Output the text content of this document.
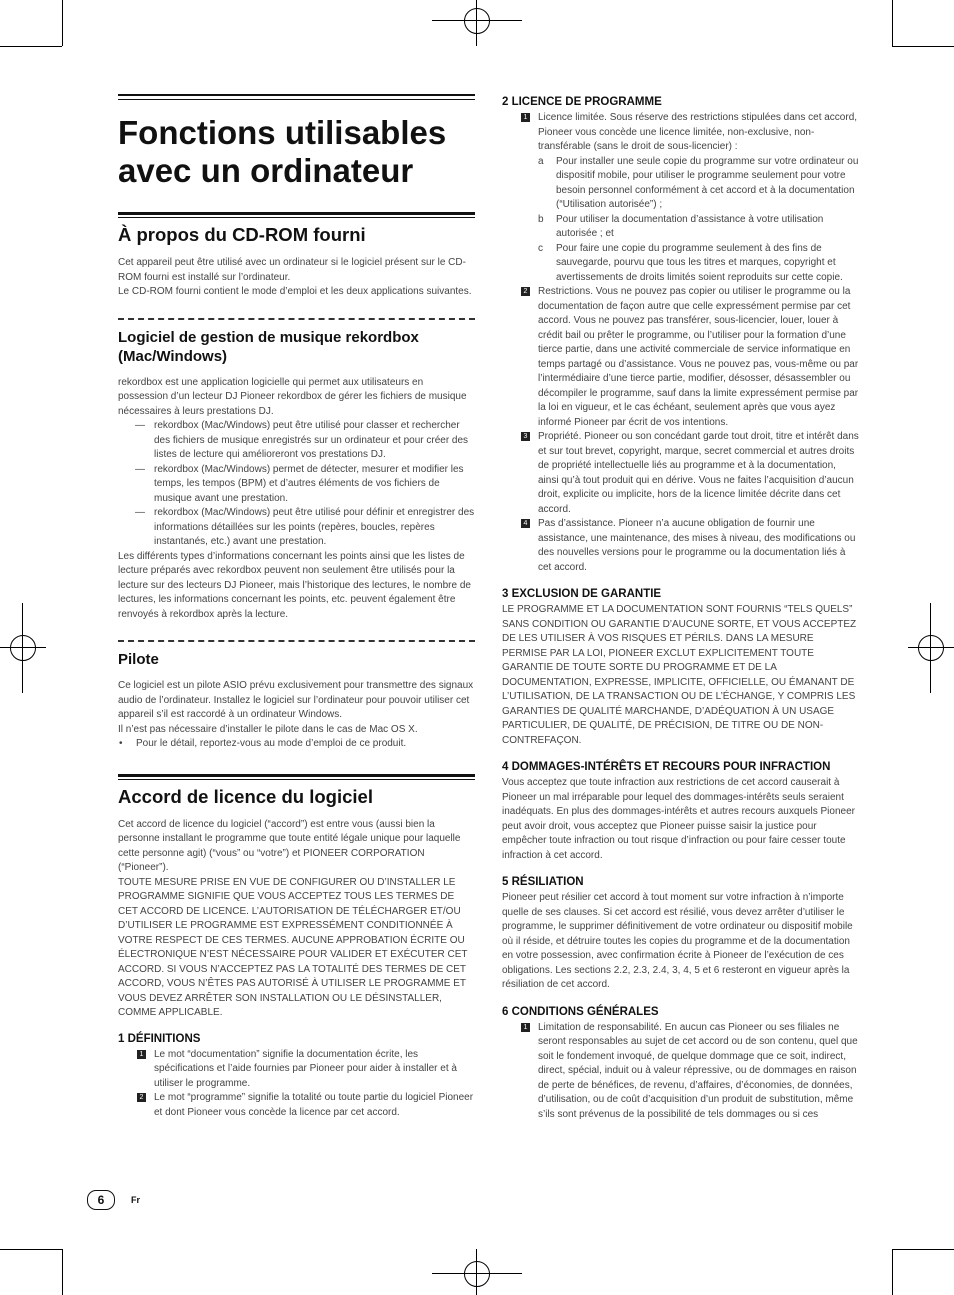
Fonctions utilisables avec un ordinateur
À propos du CD-ROM fourni

Cet appareil peut être utilisé avec un ordinateur si le logiciel présent sur le CD-ROM fourni est installé sur l’ordinateur.

Le CD-ROM fourni contient le mode d’emploi et les deux applications suivantes.

Logiciel de gestion de musique rekordbox (Mac/Windows)

rekordbox est une application logicielle qui permet aux utilisateurs en possession d’un lecteur DJ Pioneer rekordbox de gérer les fichiers de musique nécessaires à leurs prestations DJ.

— rekordbox (Mac/Windows) peut être utilisé pour classer et rechercher des fichiers de musique enregistrés sur un ordinateur et pour créer des listes de lecture qui amélioreront vos prestations DJ.
— rekordbox (Mac/Windows) permet de détecter, mesurer et modifier les temps, les tempos (BPM) et d’autres éléments de vos fichiers de musique avant une prestation.
— rekordbox (Mac/Windows) peut être utilisé pour définir et enregistrer des informations détaillées sur les points (repères, boucles, repères instantanés, etc.) avant une prestation.

Les différents types d’informations concernant les points ainsi que les listes de lecture préparés avec rekordbox peuvent non seulement être utilisés pour la lecture sur des lecteurs DJ Pioneer, mais l’historique des lectures, le nombre de lectures, les informations concernant les points, etc. peuvent également être renvoyés à rekordbox après la lecture.

Pilote

Ce logiciel est un pilote ASIO prévu exclusivement pour transmettre des signaux audio de l’ordinateur. Installez le logiciel sur l’ordinateur pour pouvoir utiliser cet appareil s’il est raccordé à un ordinateur Windows.

Il n’est pas nécessaire d’installer le pilote dans le cas de Mac OS X.

• Pour le détail, reportez-vous au mode d’emploi de ce produit.
Accord de licence du logiciel

Cet accord de licence du logiciel (“accord”) est entre vous (aussi bien la personne installant le programme que toute entité légale unique pour laquelle cette personne agit) (“vous” ou “votre”) et PIONEER CORPORATION (“Pioneer”).

TOUTE MESURE PRISE EN VUE DE CONFIGURER OU D’INSTALLER LE PROGRAMME SIGNIFIE QUE VOUS ACCEPTEZ TOUS LES TERMES DE CET ACCORD DE LICENCE. L’AUTORISATION DE TÉLÉCHARGER ET/OU D’UTILISER LE PROGRAMME EST EXPRESSÉMENT CONDITIONNÉE À VOTRE RESPECT DE CES TERMES. AUCUNE APPROBATION ÉCRITE OU ÉLECTRONIQUE N’EST NÉCESSAIRE POUR VALIDER ET EXÉCUTER CET ACCORD. SI VOUS N’ACCEPTEZ PAS LA TOTALITÉ DES TERMES DE CET ACCORD, VOUS N’ÊTES PAS AUTORISÉ À UTILISER LE PROGRAMME ET VOUS DEVEZ ARRÊTER SON INSTALLATION OU LE DÉSINSTALLER, COMME APPLICABLE.

1 DÉFINITIONS
1 Le mot “documentation” signifie la documentation écrite, les spécifications et l’aide fournies par Pioneer pour aider à installer et à utiliser le programme.
2 Le mot “programme” signifie la totalité ou toute partie du logiciel Pioneer et dont Pioneer vous concède la licence par cet accord.
2 LICENCE DE PROGRAMME
1 Licence limitée. Sous réserve des restrictions stipulées dans cet accord, Pioneer vous concède une licence limitée, non-exclusive, non-transférable (sans le droit de sous-licencier) :
a Pour installer une seule copie du programme sur votre ordinateur ou dispositif mobile, pour utiliser le programme seulement pour votre besoin personnel conformément à cet accord et à la documentation (“Utilisation autorisée”) ;
b Pour utiliser la documentation d’assistance à votre utilisation autorisée ; et
c Pour faire une copie du programme seulement à des fins de sauvegarde, pourvu que tous les titres et marques, copyright et avertissements de droits limités soient reproduits sur cette copie.
2 Restrictions. Vous ne pouvez pas copier ou utiliser le programme ou la documentation de façon autre que celle expressément permise par cet accord. Vous ne pouvez pas transférer, sous-licencier, louer, louer à crédit bail ou prêter le programme, ou l’utiliser pour la formation d’une tierce partie, dans une activité commerciale de service informatique en temps partagé ou d’assistance. Vous ne pouvez pas, vous-même ou par l’intermédiaire d’une tierce partie, modifier, désosser, désassembler ou décompiler le programme, sauf dans la limite expressément permise par la loi en vigueur, et le cas échéant, seulement après que vous ayez informé Pioneer par écrit de vos intentions.
3 Propriété. Pioneer ou son concédant garde tout droit, titre et intérêt dans et sur tout brevet, copyright, marque, secret commercial et autres droits de propriété intellectuelle liés au programme et à la documentation, ainsi qu’à tout produit qui en dérive. Vous ne faites l’acquisition d’aucun droit, explicite ou implicite, hors de la licence limitée décrite dans cet accord.
4 Pas d’assistance. Pioneer n’a aucune obligation de fournir une assistance, une maintenance, des mises à niveau, des modifications ou des nouvelles versions pour le programme ou la documentation liés à cet accord.
3 EXCLUSION DE GARANTIE

LE PROGRAMME ET LA DOCUMENTATION SONT FOURNIS “TELS QUELS” SANS CONDITION OU GARANTIE D’AUCUNE SORTE, ET VOUS ACCEPTEZ DE LES UTILISER À VOS RISQUES ET PÉRILS. DANS LA MESURE PERMISE PAR LA LOI, PIONEER EXCLUT EXPLICITEMENT TOUTE GARANTIE DE TOUTE SORTE DU PROGRAMME ET DE LA DOCUMENTATION, EXPRESSE, IMPLICITE, OFFICIELLE, OU ÉMANANT DE L’UTILISATION, DE LA TRANSACTION OU DE L’ÉCHANGE, Y COMPRIS LES GARANTIES DE QUALITÉ MARCHANDE, D’ADÉQUATION À UN USAGE PARTICULIER, DE QUALITÉ, DE PRÉCISION, DE TITRE OU DE NON-CONTREFAÇON.

4 DOMMAGES-INTÉRÊTS ET RECOURS POUR INFRACTION

Vous acceptez que toute infraction aux restrictions de cet accord causerait à Pioneer un mal irréparable pour lequel des dommages-intérêts seuls seraient inadéquats. En plus des dommages-intérêts et autres recours auxquels Pioneer peut avoir droit, vous acceptez que Pioneer puisse saisir la justice pour empêcher toute infraction ou tout risque d’infraction ou pour faire cesser toute infraction à cet accord.

5 RÉSILIATION

Pioneer peut résilier cet accord à tout moment sur votre infraction à n’importe quelle de ses clauses. Si cet accord est résilié, vous devez arrêter d’utiliser le programme, le supprimer définitivement de votre ordinateur ou dispositif mobile où il réside, et détruire toutes les copies du programme et de la documentation en votre possession, avec confirmation écrite à Pioneer de l’exécution de ces obligations. Les sections 2.2, 2.3, 2.4, 3, 4, 5 et 6 resteront en vigueur après la résiliation de cet accord.

6 CONDITIONS GÉNÉRALES
1 Limitation de responsabilité. En aucun cas Pioneer ou ses filiales ne seront responsables au sujet de cet accord ou de son contenu, quel que soit le fondement invoqué, de quelque dommage que ce soit, indirect, direct, spécial, induit ou à valeur répressive, ou de dommages en raison de perte de bénéfices, de revenu, d’affaires, d’économies, de données, d’utilisation, ou de coût d’acquisition d’un produit de substitution, même s’ils sont prévenus de la possibilité de tels dommages ou si ces
6	Fr
